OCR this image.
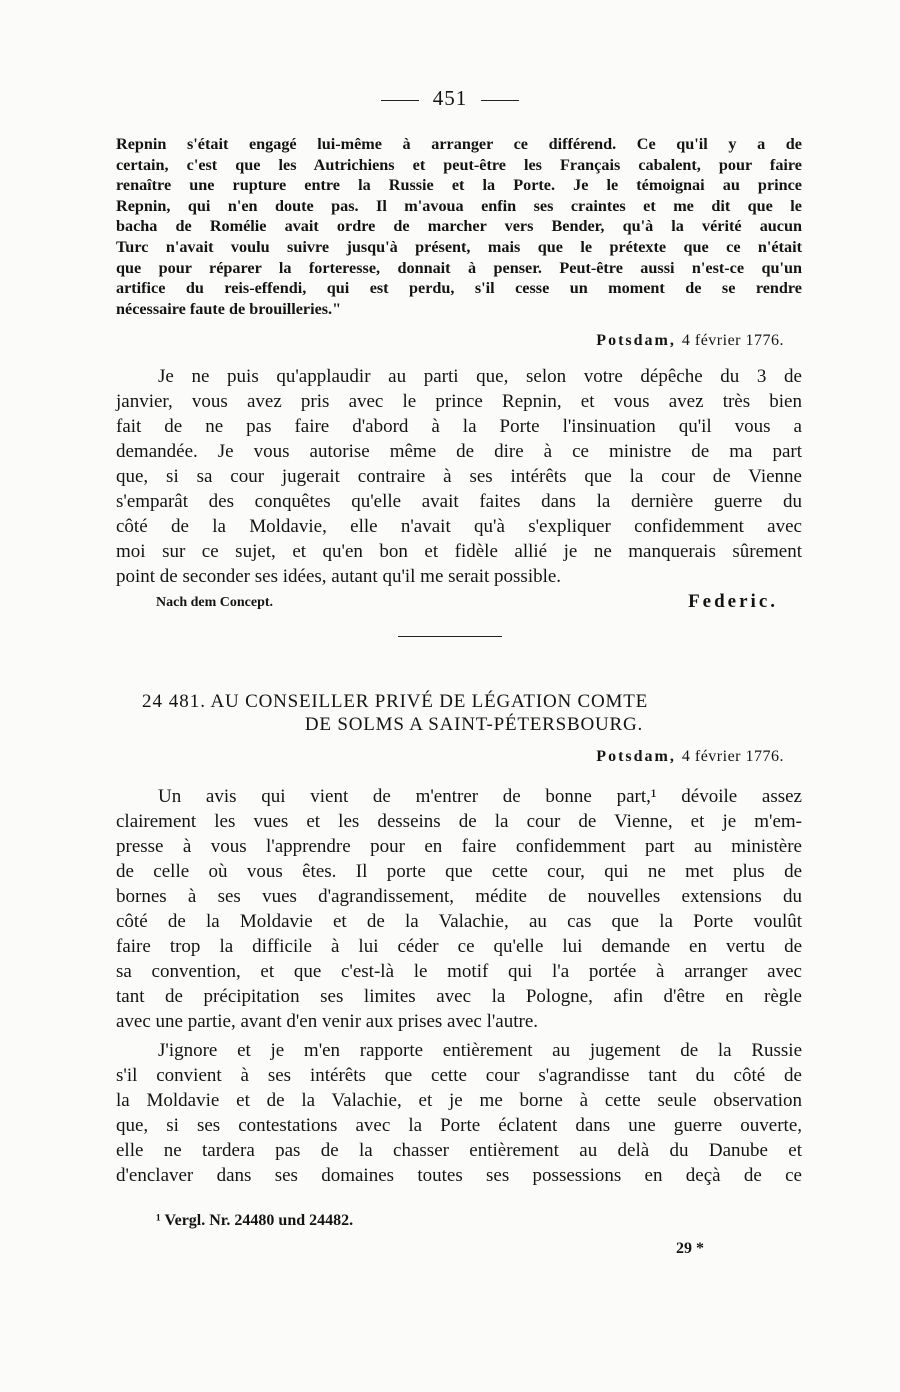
451
Repnin s'était engagé lui-même à arranger ce différend. Ce qu'il y a de
certain, c'est que les Autrichiens et peut-être les Français cabalent, pour faire
renaître une rupture entre la Russie et la Porte. Je le témoignai au prince
Repnin, qui n'en doute pas. Il m'avoua enfin ses craintes et me dit que le
bacha de Romélie avait ordre de marcher vers Bender, qu'à la vérité aucun
Turc n'avait voulu suivre jusqu'à présent, mais que le prétexte que ce n'était
que pour réparer la forteresse, donnait à penser. Peut-être aussi n'est-ce qu'un
artifice du reis-effendi, qui est perdu, s'il cesse un moment de se rendre
nécessaire faute de brouilleries."
Potsdam, 4 février 1776.
Je ne puis qu'applaudir au parti que, selon votre dépêche du 3 de
janvier, vous avez pris avec le prince Repnin, et vous avez très bien
fait de ne pas faire d'abord à la Porte l'insinuation qu'il vous a
demandée. Je vous autorise même de dire à ce ministre de ma part
que, si sa cour jugerait contraire à ses intérêts que la cour de Vienne
s'emparât des conquêtes qu'elle avait faites dans la dernière guerre du
côté de la Moldavie, elle n'avait qu'à s'expliquer confidemment avec
moi sur ce sujet, et qu'en bon et fidèle allié je ne manquerais sûrement
point de seconder ses idées, autant qu'il me serait possible.
Nach dem Concept.	Federic.
24 481. AU CONSEILLER PRIVÉ DE LÉGATION COMTE
DE SOLMS A SAINT-PÉTERSBOURG.
Potsdam, 4 février 1776.
Un avis qui vient de m'entrer de bonne part,¹ dévoile assez
clairement les vues et les desseins de la cour de Vienne, et je m'em-
presse à vous l'apprendre pour en faire confidemment part au ministère
de celle où vous êtes. Il porte que cette cour, qui ne met plus de
bornes à ses vues d'agrandissement, médite de nouvelles extensions du
côté de la Moldavie et de la Valachie, au cas que la Porte voulût
faire trop la difficile à lui céder ce qu'elle lui demande en vertu de
sa convention, et que c'est-là le motif qui l'a portée à arranger avec
tant de précipitation ses limites avec la Pologne, afin d'être en règle
avec une partie, avant d'en venir aux prises avec l'autre.
J'ignore et je m'en rapporte entièrement au jugement de la Russie
s'il convient à ses intérêts que cette cour s'agrandisse tant du côté de
la Moldavie et de la Valachie, et je me borne à cette seule observation
que, si ses contestations avec la Porte éclatent dans une guerre ouverte,
elle ne tardera pas de la chasser entièrement au delà du Danube et
d'enclaver dans ses domaines toutes ses possessions en deçà de ce
¹ Vergl. Nr. 24480 und 24482.
29 *
